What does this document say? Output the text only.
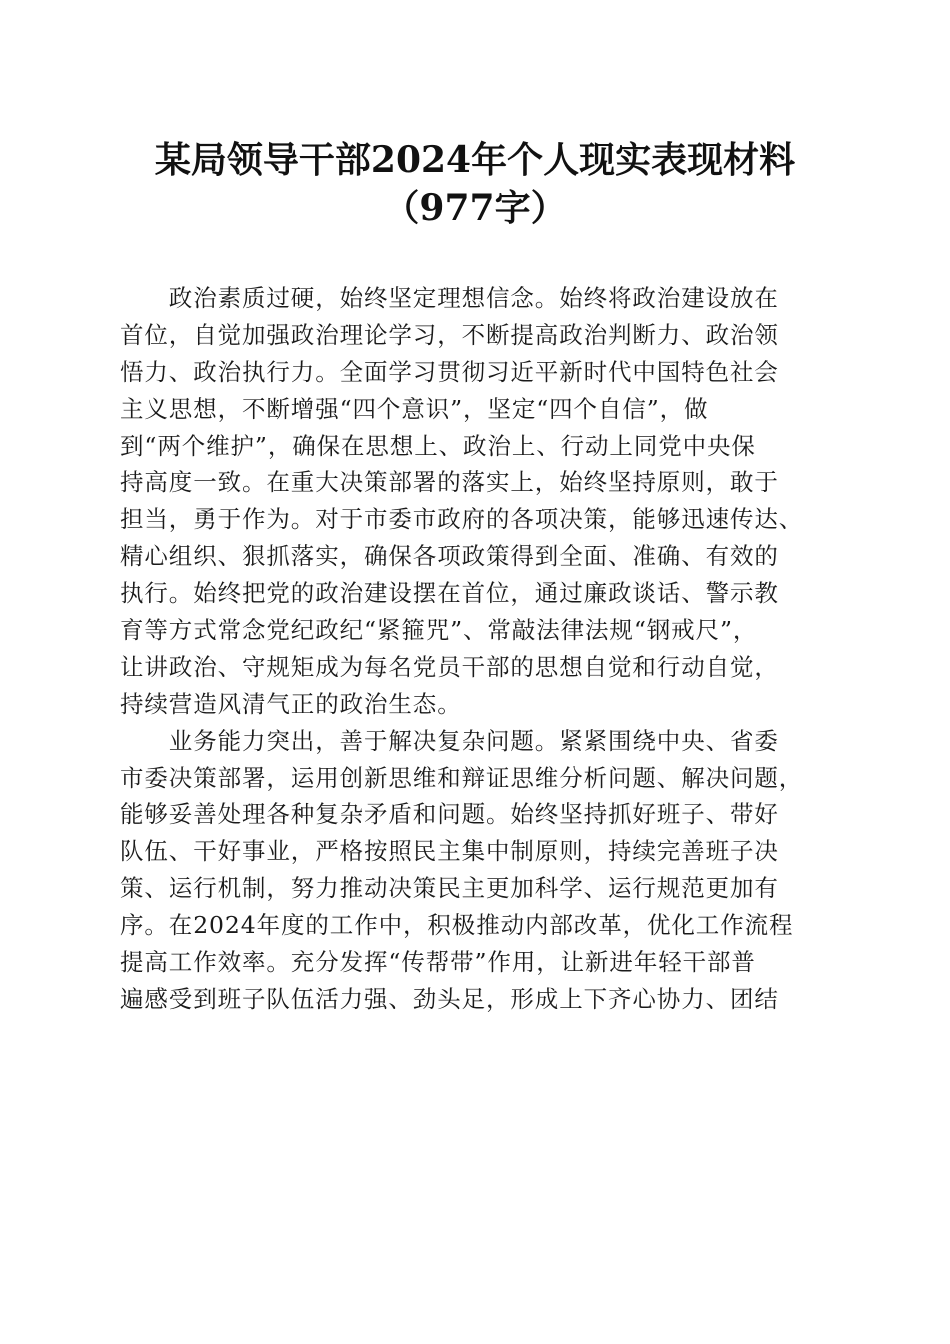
某局领导干部2024年个人现实表现材料（977字）
　　政治素质过硬，始终坚定理想信念。始终将政治建设放在
首位，自觉加强政治理论学习，不断提高政治判断力、政治领
悟力、政治执行力。全面学习贯彻习近平新时代中国特色社会
主义思想，不断增强“四个意识”，坚定“四个自信”，做
到“两个维护”，确保在思想上、政治上、行动上同党中央保
持高度一致。在重大决策部署的落实上，始终坚持原则，敢于
担当，勇于作为。对于市委市政府的各项决策，能够迅速传达、
精心组织、狠抓落实，确保各项政策得到全面、准确、有效的
执行。始终把党的政治建设摆在首位，通过廉政谈话、警示教
育等方式常念党纪政纪“紧箍咒”、常敲法律法规“钢戒尺”，
让讲政治、守规矩成为每名党员干部的思想自觉和行动自觉，
持续营造风清气正的政治生态。
　　业务能力突出，善于解决复杂问题。紧紧围绕中央、省委
市委决策部署，运用创新思维和辩证思维分析问题、解决问题，
能够妥善处理各种复杂矛盾和问题。始终坚持抓好班子、带好
队伍、干好事业，严格按照民主集中制原则，持续完善班子决
策、运行机制，努力推动决策民主更加科学、运行规范更加有
序。在2024年度的工作中，积极推动内部改革，优化工作流程
提高工作效率。充分发挥“传帮带”作用，让新进年轻干部普
遍感受到班子队伍活力强、劲头足，形成上下齐心协力、团结
